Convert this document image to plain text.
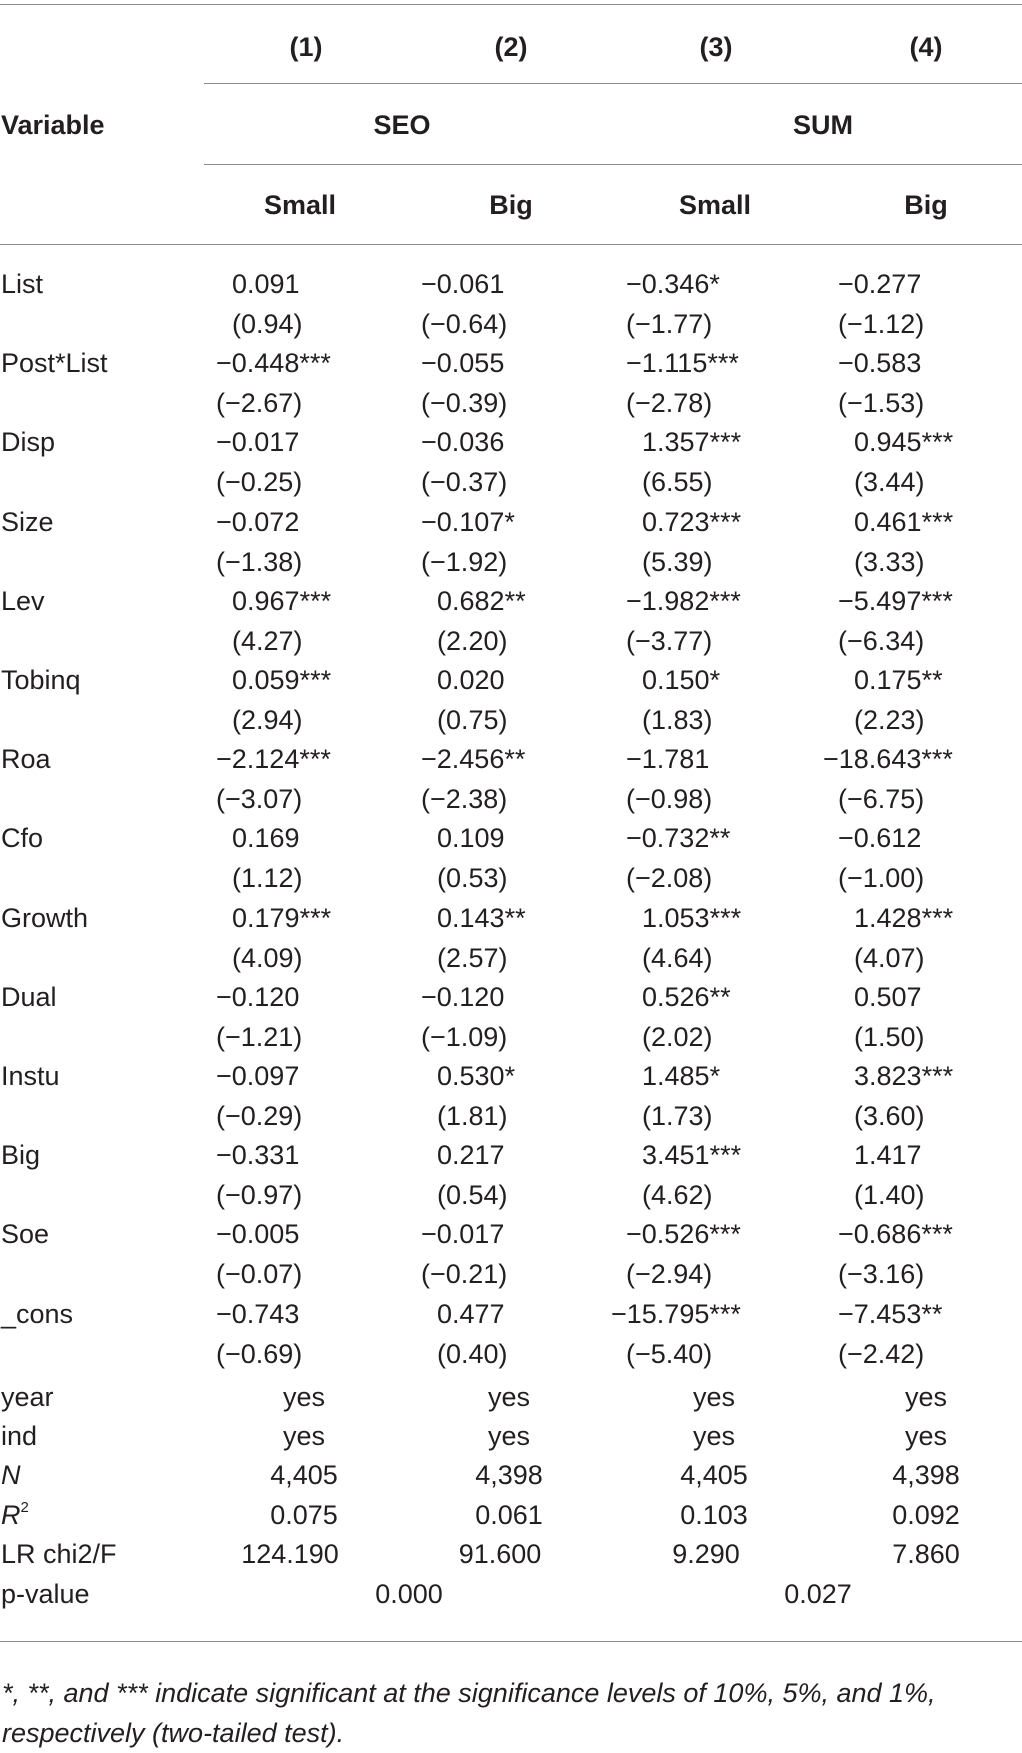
(1)	(2)	(3)	(4)
Variable	SEO	SUM
Small	Big	Small	Big
List	0.091	−0.061	−0.346*	−0.277
(0.94)	(−0.64)	(−1.77)	(−1.12)
Post*List	−0.448***	−0.055	−1.115***	−0.583
(−2.67)	(−0.39)	(−2.78)	(−1.53)
Disp	−0.017	−0.036	1.357***	0.945***
(−0.25)	(−0.37)	(6.55)	(3.44)
Size	−0.072	−0.107*	0.723***	0.461***
(−1.38)	(−1.92)	(5.39)	(3.33)
Lev	0.967***	0.682**	−1.982***	−5.497***
(4.27)	(2.20)	(−3.77)	(−6.34)
Tobinq	0.059***	0.020	0.150*	0.175**
(2.94)	(0.75)	(1.83)	(2.23)
Roa	−2.124***	−2.456**	−1.781	−18.643***
(−3.07)	(−2.38)	(−0.98)	(−6.75)
Cfo	0.169	0.109	−0.732**	−0.612
(1.12)	(0.53)	(−2.08)	(−1.00)
Growth	0.179***	0.143**	1.053***	1.428***
(4.09)	(2.57)	(4.64)	(4.07)
Dual	−0.120	−0.120	0.526**	0.507
(−1.21)	(−1.09)	(2.02)	(1.50)
Instu	−0.097	0.530*	1.485*	3.823***
(−0.29)	(1.81)	(1.73)	(3.60)
Big	−0.331	0.217	3.451***	1.417
(−0.97)	(0.54)	(4.62)	(1.40)
Soe	−0.005	−0.017	−0.526***	−0.686***
(−0.07)	(−0.21)	(−2.94)	(−3.16)
_cons	−0.743	0.477	−15.795***	−7.453**
(−0.69)	(0.40)	(−5.40)	(−2.42)
year	yes	yes	yes	yes
ind	yes	yes	yes	yes
N	4,405	4,398	4,405	4,398
$R^2$	0.075	0.061	0.103	0.092
LR chi2/F	124.190	91.600	9.290	7.860
p-value	0.000	0.027
*, **, and *** indicate significant at the significance levels of 10%, 5%, and 1%, respectively (two-tailed test).
